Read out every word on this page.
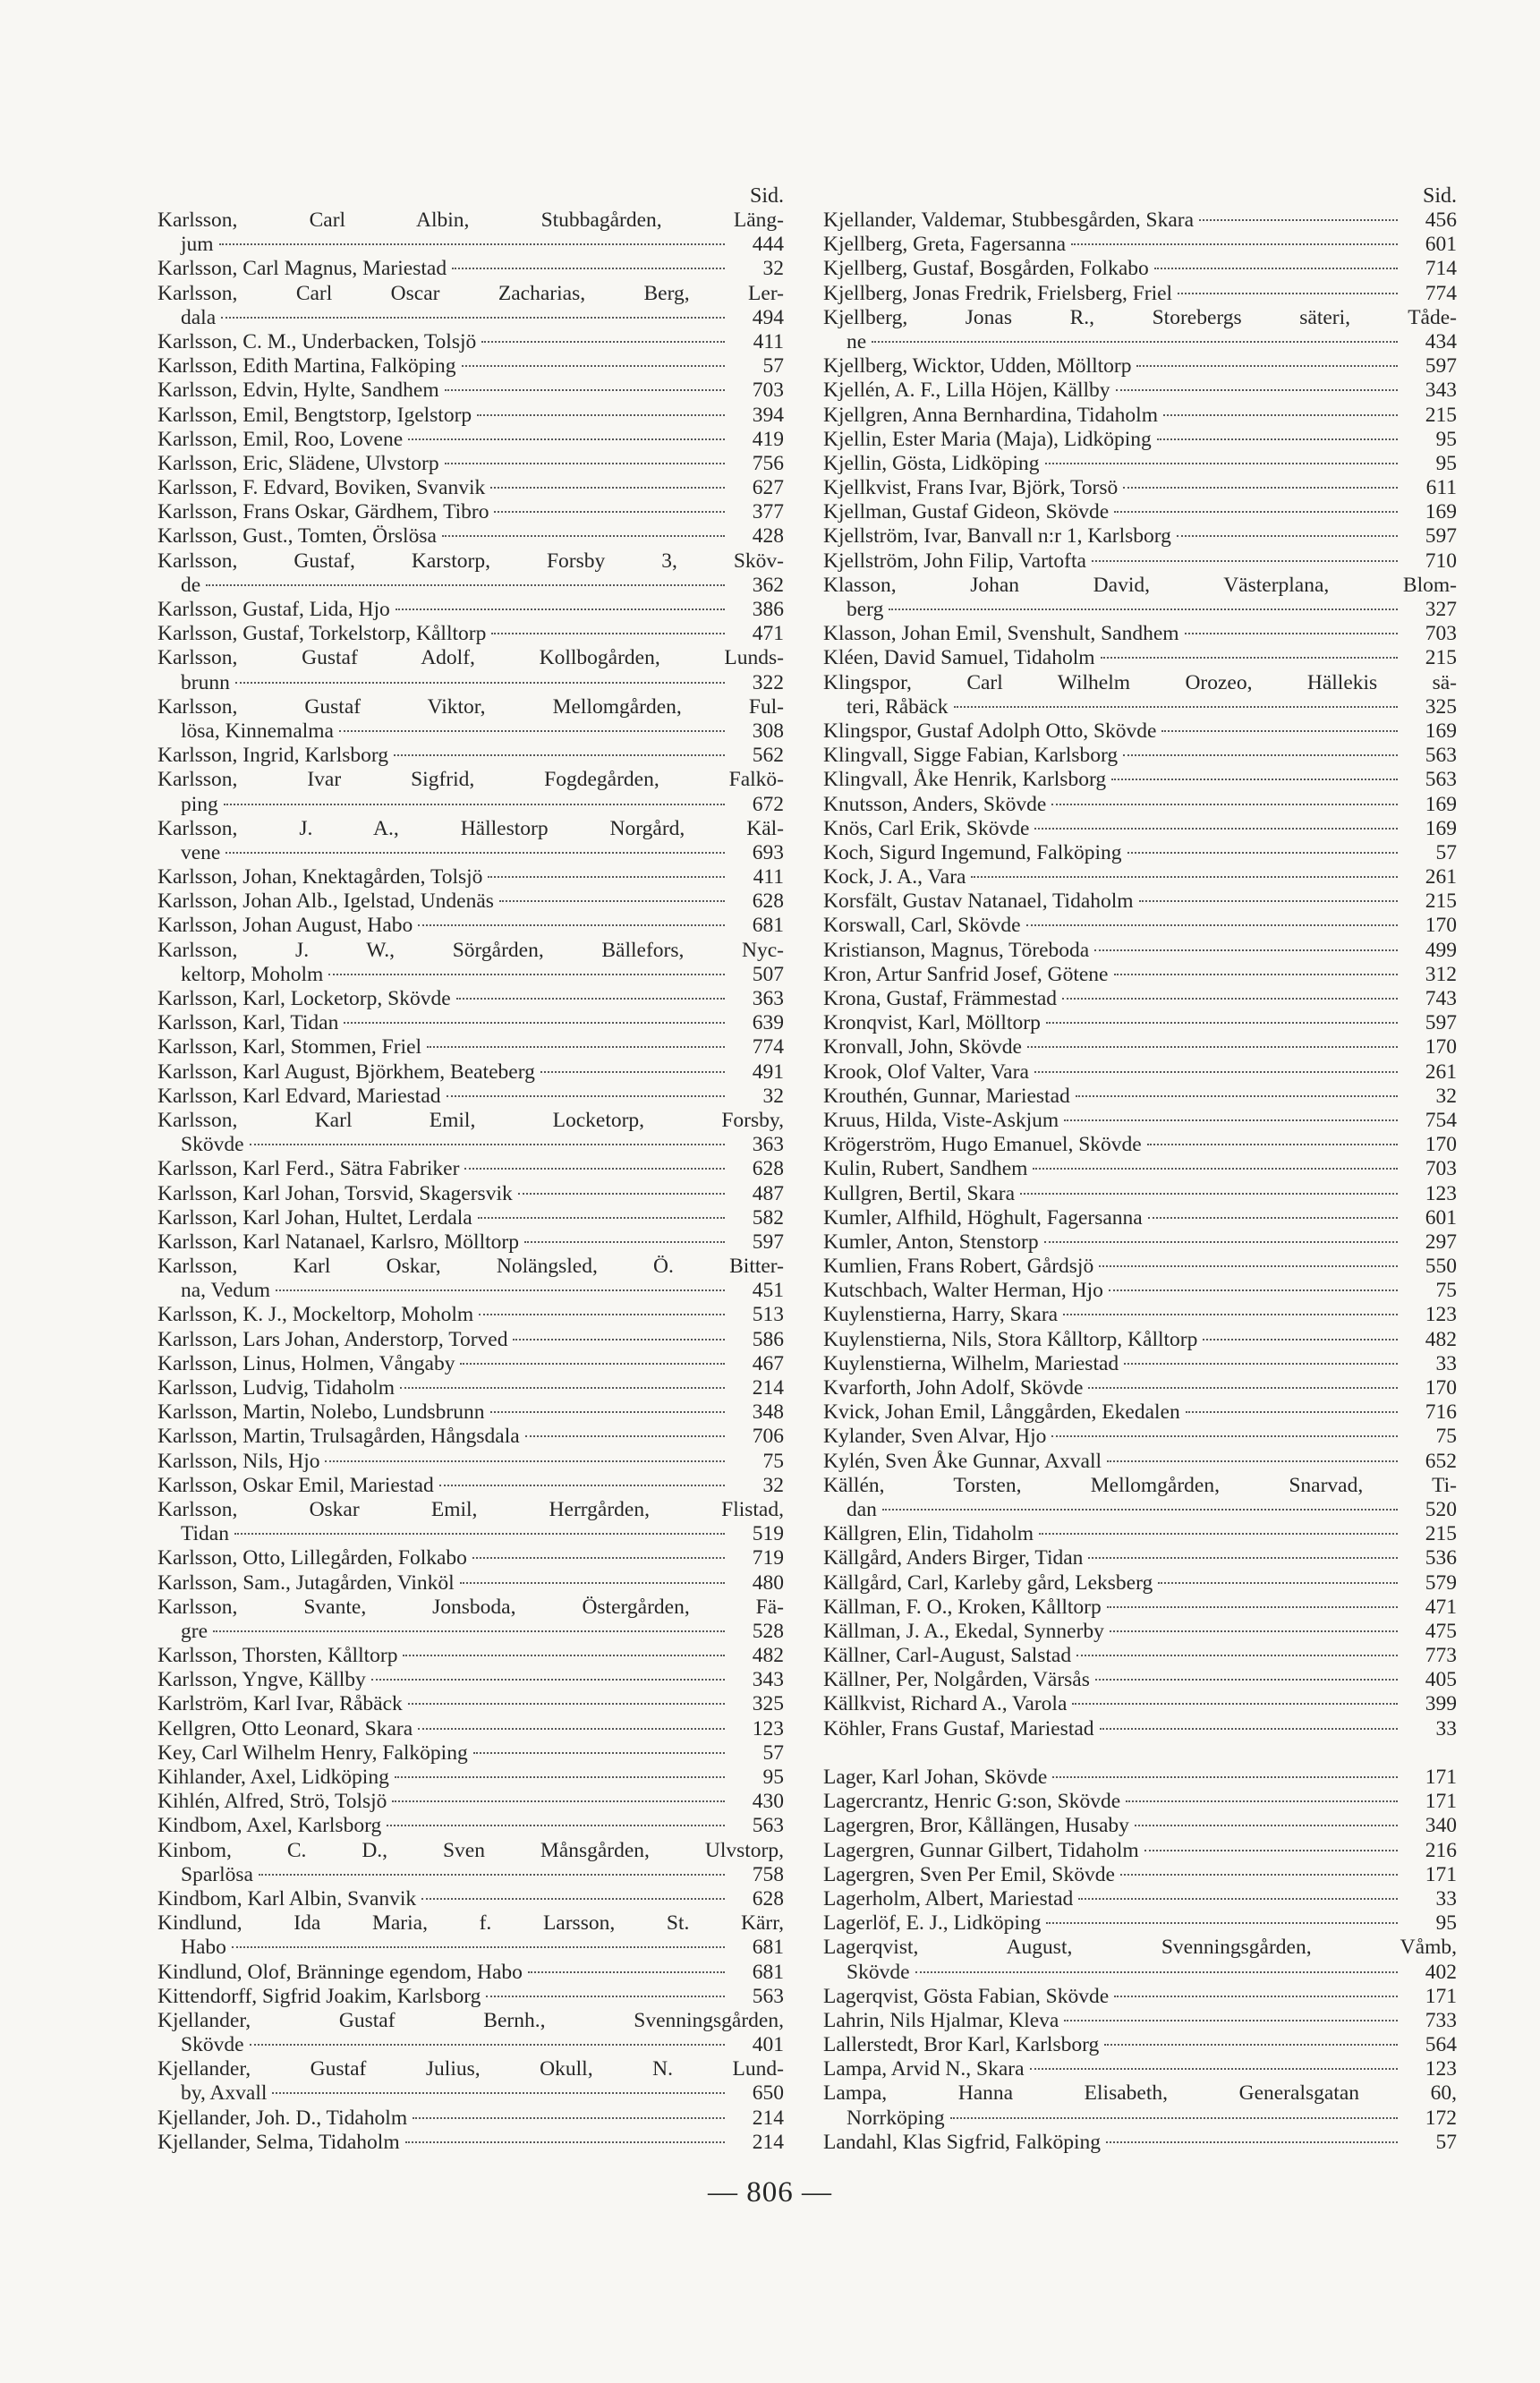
Sid.
Karlsson, Carl Albin, Stubbagården, Läng-
jum	444
Karlsson, Carl Magnus, Mariestad	32
Karlsson, Carl Oscar Zacharias, Berg, Ler-
dala	494
Karlsson, C. M., Underbacken, Tolsjö	411
Karlsson, Edith Martina, Falköping	57
Karlsson, Edvin, Hylte, Sandhem	703
Karlsson, Emil, Bengtstorp, Igelstorp	394
Karlsson, Emil, Roo, Lovene	419
Karlsson, Eric, Slädene, Ulvstorp	756
Karlsson, F. Edvard, Boviken, Svanvik	627
Karlsson, Frans Oskar, Gärdhem, Tibro	377
Karlsson, Gust., Tomten, Örslösa	428
Karlsson, Gustaf, Karstorp, Forsby 3, Sköv-
de	362
Karlsson, Gustaf, Lida, Hjo	386
Karlsson, Gustaf, Torkelstorp, Kålltorp	471
Karlsson, Gustaf Adolf, Kollbogården, Lunds-
brunn	322
Karlsson, Gustaf Viktor, Mellomgården, Ful-
lösa, Kinnemalma	308
Karlsson, Ingrid, Karlsborg	562
Karlsson, Ivar Sigfrid, Fogdegården, Falkö-
ping	672
Karlsson, J. A., Hällestorp Norgård, Käl-
vene	693
Karlsson, Johan, Knektagården, Tolsjö	411
Karlsson, Johan Alb., Igelstad, Undenäs	628
Karlsson, Johan August, Habo	681
Karlsson, J. W., Sörgården, Bällefors, Nyc-
keltorp, Moholm	507
Karlsson, Karl, Locketorp, Skövde	363
Karlsson, Karl, Tidan	639
Karlsson, Karl, Stommen, Friel	774
Karlsson, Karl August, Björkhem, Beateberg	491
Karlsson, Karl Edvard, Mariestad	32
Karlsson, Karl Emil, Locketorp, Forsby,
Skövde	363
Karlsson, Karl Ferd., Sätra Fabriker	628
Karlsson, Karl Johan, Torsvid, Skagersvik	487
Karlsson, Karl Johan, Hultet, Lerdala	582
Karlsson, Karl Natanael, Karlsro, Mölltorp	597
Karlsson, Karl Oskar, Nolängsled, Ö. Bitter-
na, Vedum	451
Karlsson, K. J., Mockeltorp, Moholm	513
Karlsson, Lars Johan, Anderstorp, Torved	586
Karlsson, Linus, Holmen, Vångaby	467
Karlsson, Ludvig, Tidaholm	214
Karlsson, Martin, Nolebo, Lundsbrunn	348
Karlsson, Martin, Trulsagården, Hångsdala	706
Karlsson, Nils, Hjo	75
Karlsson, Oskar Emil, Mariestad	32
Karlsson, Oskar Emil, Herrgården, Flistad,
Tidan	519
Karlsson, Otto, Lillegården, Folkabo	719
Karlsson, Sam., Jutagården, Vinköl	480
Karlsson, Svante, Jonsboda, Östergården, Fä-
gre	528
Karlsson, Thorsten, Kålltorp	482
Karlsson, Yngve, Källby	343
Karlström, Karl Ivar, Råbäck	325
Kellgren, Otto Leonard, Skara	123
Key, Carl Wilhelm Henry, Falköping	57
Kihlander, Axel, Lidköping	95
Kihlén, Alfred, Strö, Tolsjö	430
Kindbom, Axel, Karlsborg	563
Kinbom, C. D., Sven Månsgården, Ulvstorp,
Sparlösa	758
Kindbom, Karl Albin, Svanvik	628
Kindlund, Ida Maria, f. Larsson, St. Kärr,
Habo	681
Kindlund, Olof, Bränninge egendom, Habo	681
Kittendorff, Sigfrid Joakim, Karlsborg	563
Kjellander, Gustaf Bernh., Svenningsgården,
Skövde	401
Kjellander, Gustaf Julius, Okull, N. Lund-
by, Axvall	650
Kjellander, Joh. D., Tidaholm	214
Kjellander, Selma, Tidaholm	214
Sid.
Kjellander, Valdemar, Stubbesgården, Skara	456
Kjellberg, Greta, Fagersanna	601
Kjellberg, Gustaf, Bosgården, Folkabo	714
Kjellberg, Jonas Fredrik, Frielsberg, Friel	774
Kjellberg, Jonas R., Storebergs säteri, Tåde-
ne	434
Kjellberg, Wicktor, Udden, Mölltorp	597
Kjellén, A. F., Lilla Höjen, Källby	343
Kjellgren, Anna Bernhardina, Tidaholm	215
Kjellin, Ester Maria (Maja), Lidköping	95
Kjellin, Gösta, Lidköping	95
Kjellkvist, Frans Ivar, Björk, Torsö	611
Kjellman, Gustaf Gideon, Skövde	169
Kjellström, Ivar, Banvall n:r 1, Karlsborg	597
Kjellström, John Filip, Vartofta	710
Klasson, Johan David, Västerplana, Blom-
berg	327
Klasson, Johan Emil, Svenshult, Sandhem	703
Kléen, David Samuel, Tidaholm	215
Klingspor, Carl Wilhelm Orozeo, Hällekis sä-
teri, Råbäck	325
Klingspor, Gustaf Adolph Otto, Skövde	169
Klingvall, Sigge Fabian, Karlsborg	563
Klingvall, Åke Henrik, Karlsborg	563
Knutsson, Anders, Skövde	169
Knös, Carl Erik, Skövde	169
Koch, Sigurd Ingemund, Falköping	57
Kock, J. A., Vara	261
Korsfält, Gustav Natanael, Tidaholm	215
Korswall, Carl, Skövde	170
Kristianson, Magnus, Töreboda	499
Kron, Artur Sanfrid Josef, Götene	312
Krona, Gustaf, Främmestad	743
Kronqvist, Karl, Mölltorp	597
Kronvall, John, Skövde	170
Krook, Olof Valter, Vara	261
Krouthén, Gunnar, Mariestad	32
Kruus, Hilda, Viste-Askjum	754
Krögerström, Hugo Emanuel, Skövde	170
Kulin, Rubert, Sandhem	703
Kullgren, Bertil, Skara	123
Kumler, Alfhild, Höghult, Fagersanna	601
Kumler, Anton, Stenstorp	297
Kumlien, Frans Robert, Gårdsjö	550
Kutschbach, Walter Herman, Hjo	75
Kuylenstierna, Harry, Skara	123
Kuylenstierna, Nils, Stora Kålltorp, Kålltorp	482
Kuylenstierna, Wilhelm, Mariestad	33
Kvarforth, John Adolf, Skövde	170
Kvick, Johan Emil, Långgården, Ekedalen	716
Kylander, Sven Alvar, Hjo	75
Kylén, Sven Åke Gunnar, Axvall	652
Källén, Torsten, Mellomgården, Snarvad, Ti-
dan	520
Källgren, Elin, Tidaholm	215
Källgård, Anders Birger, Tidan	536
Källgård, Carl, Karleby gård, Leksberg	579
Källman, F. O., Kroken, Kålltorp	471
Källman, J. A., Ekedal, Synnerby	475
Källner, Carl-August, Salstad	773
Källner, Per, Nolgården, Värsås	405
Källkvist, Richard A., Varola	399
Köhler, Frans Gustaf, Mariestad	33
Lager, Karl Johan, Skövde	171
Lagercrantz, Henric G:son, Skövde	171
Lagergren, Bror, Kållängen, Husaby	340
Lagergren, Gunnar Gilbert, Tidaholm	216
Lagergren, Sven Per Emil, Skövde	171
Lagerholm, Albert, Mariestad	33
Lagerlöf, E. J., Lidköping	95
Lagerqvist, August, Svenningsgården, Våmb,
Skövde	402
Lagerqvist, Gösta Fabian, Skövde	171
Lahrin, Nils Hjalmar, Kleva	733
Lallerstedt, Bror Karl, Karlsborg	564
Lampa, Arvid N., Skara	123
Lampa, Hanna Elisabeth, Generalsgatan 60,
Norrköping	172
Landahl, Klas Sigfrid, Falköping	57
— 806 —
